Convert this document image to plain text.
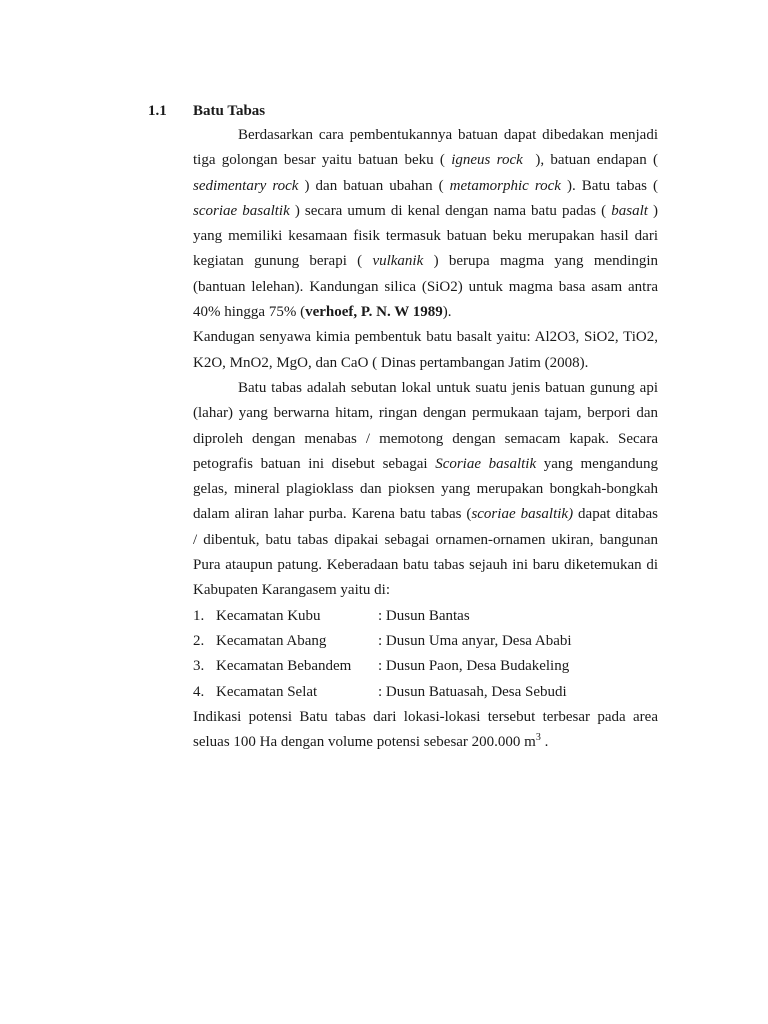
1.1 Batu Tabas
Berdasarkan cara pembentukannya batuan dapat dibedakan menjadi
tiga golongan besar yaitu batuan beku ( igneus rock ), batuan endapan (
sedimentary rock ) dan batuan ubahan ( metamorphic rock ). Batu tabas (
scoriae basaltik ) secara umum di kenal dengan nama batu padas ( basalt )
yang memiliki kesamaan fisik termasuk batuan beku merupakan hasil dari
kegiatan gunung berapi ( vulkanik ) berupa magma yang mendingin
(bantuan lelehan). Kandungan silica (SiO2) untuk magma basa asam antra
40% hingga 75% (verhoef, P. N. W 1989).
Kandugan senyawa kimia pembentuk batu basalt yaitu: Al2O3, SiO2, TiO2,
K2O, MnO2, MgO, dan CaO ( Dinas pertambangan Jatim (2008).
Batu tabas adalah sebutan lokal untuk suatu jenis batuan gunung api
(lahar) yang berwarna hitam, ringan dengan permukaan tajam, berpori dan
diproleh dengan menabas / memotong dengan semacam kapak. Secara
petografis batuan ini disebut sebagai Scoriae basaltik yang mengandung
gelas, mineral plagioklass dan pioksen yang merupakan bongkah-bongkah
dalam aliran lahar purba. Karena batu tabas (scoriae basaltik) dapat ditabas
/ dibentuk, batu tabas dipakai sebagai ornamen-ornamen ukiran, bangunan
Pura ataupun patung. Keberadaan batu tabas sejauh ini baru diketemukan di
Kabupaten Karangasem yaitu di:
1. Kecamatan Kubu	: Dusun Bantas
2. Kecamatan Abang	: Dusun Uma anyar, Desa Ababi
3. Kecamatan Bebandem : Dusun Paon, Desa Budakeling
4. Kecamatan Selat	: Dusun Batuasah, Desa Sebudi
Indikasi potensi Batu tabas dari lokasi-lokasi tersebut terbesar pada area
seluas 100 Ha dengan volume potensi sebesar 200.000 $m^3$ .
